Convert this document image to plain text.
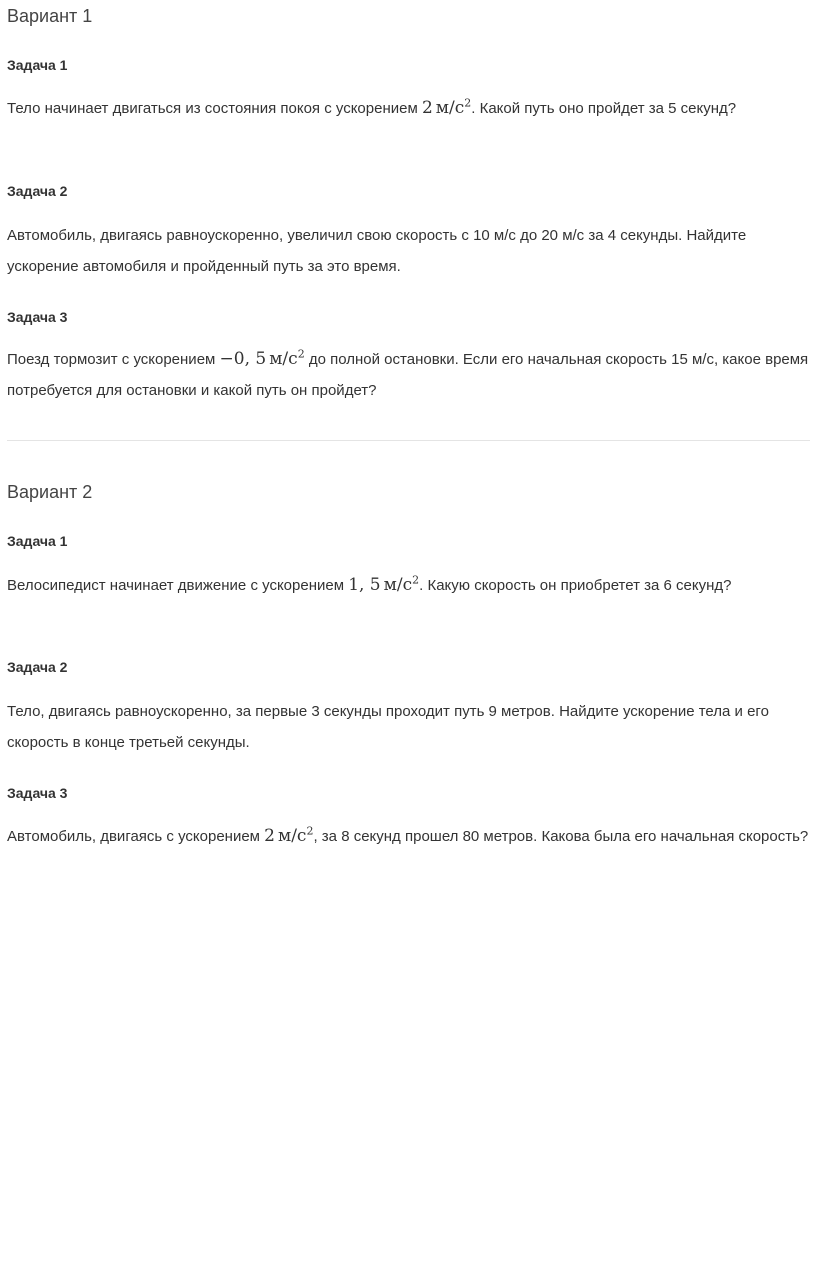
Вариант 1
Задача 1

Тело начинает двигаться из состояния покоя с ускорением 2 $м/с^2$. Какой путь оно пройдет за 5 секунд?

Задача 2

Автомобиль, двигаясь равноускоренно, увеличил свою скорость с 10 м/с до 20 м/с за 4 секунды. Найдите ускорение автомобиля и пройденный путь за это время.

Задача 3

Поезд тормозит с ускорением −0, 5 $м/с^2$ до полной остановки. Если его начальная скорость 15 м/с, какое время потребуется для остановки и какой путь он пройдет?

Вариант 2
Задача 1

Велосипедист начинает движение с ускорением 1, 5 $м/с^2$. Какую скорость он приобретет за 6 секунд?

Задача 2

Тело, двигаясь равноускоренно, за первые 3 секунды проходит путь 9 метров. Найдите ускорение тела и его скорость в конце третьей секунды.

Задача 3

Автомобиль, двигаясь с ускорением 2 $м/с^2$, за 8 секунд прошел 80 метров. Какова была его начальная скорость?
